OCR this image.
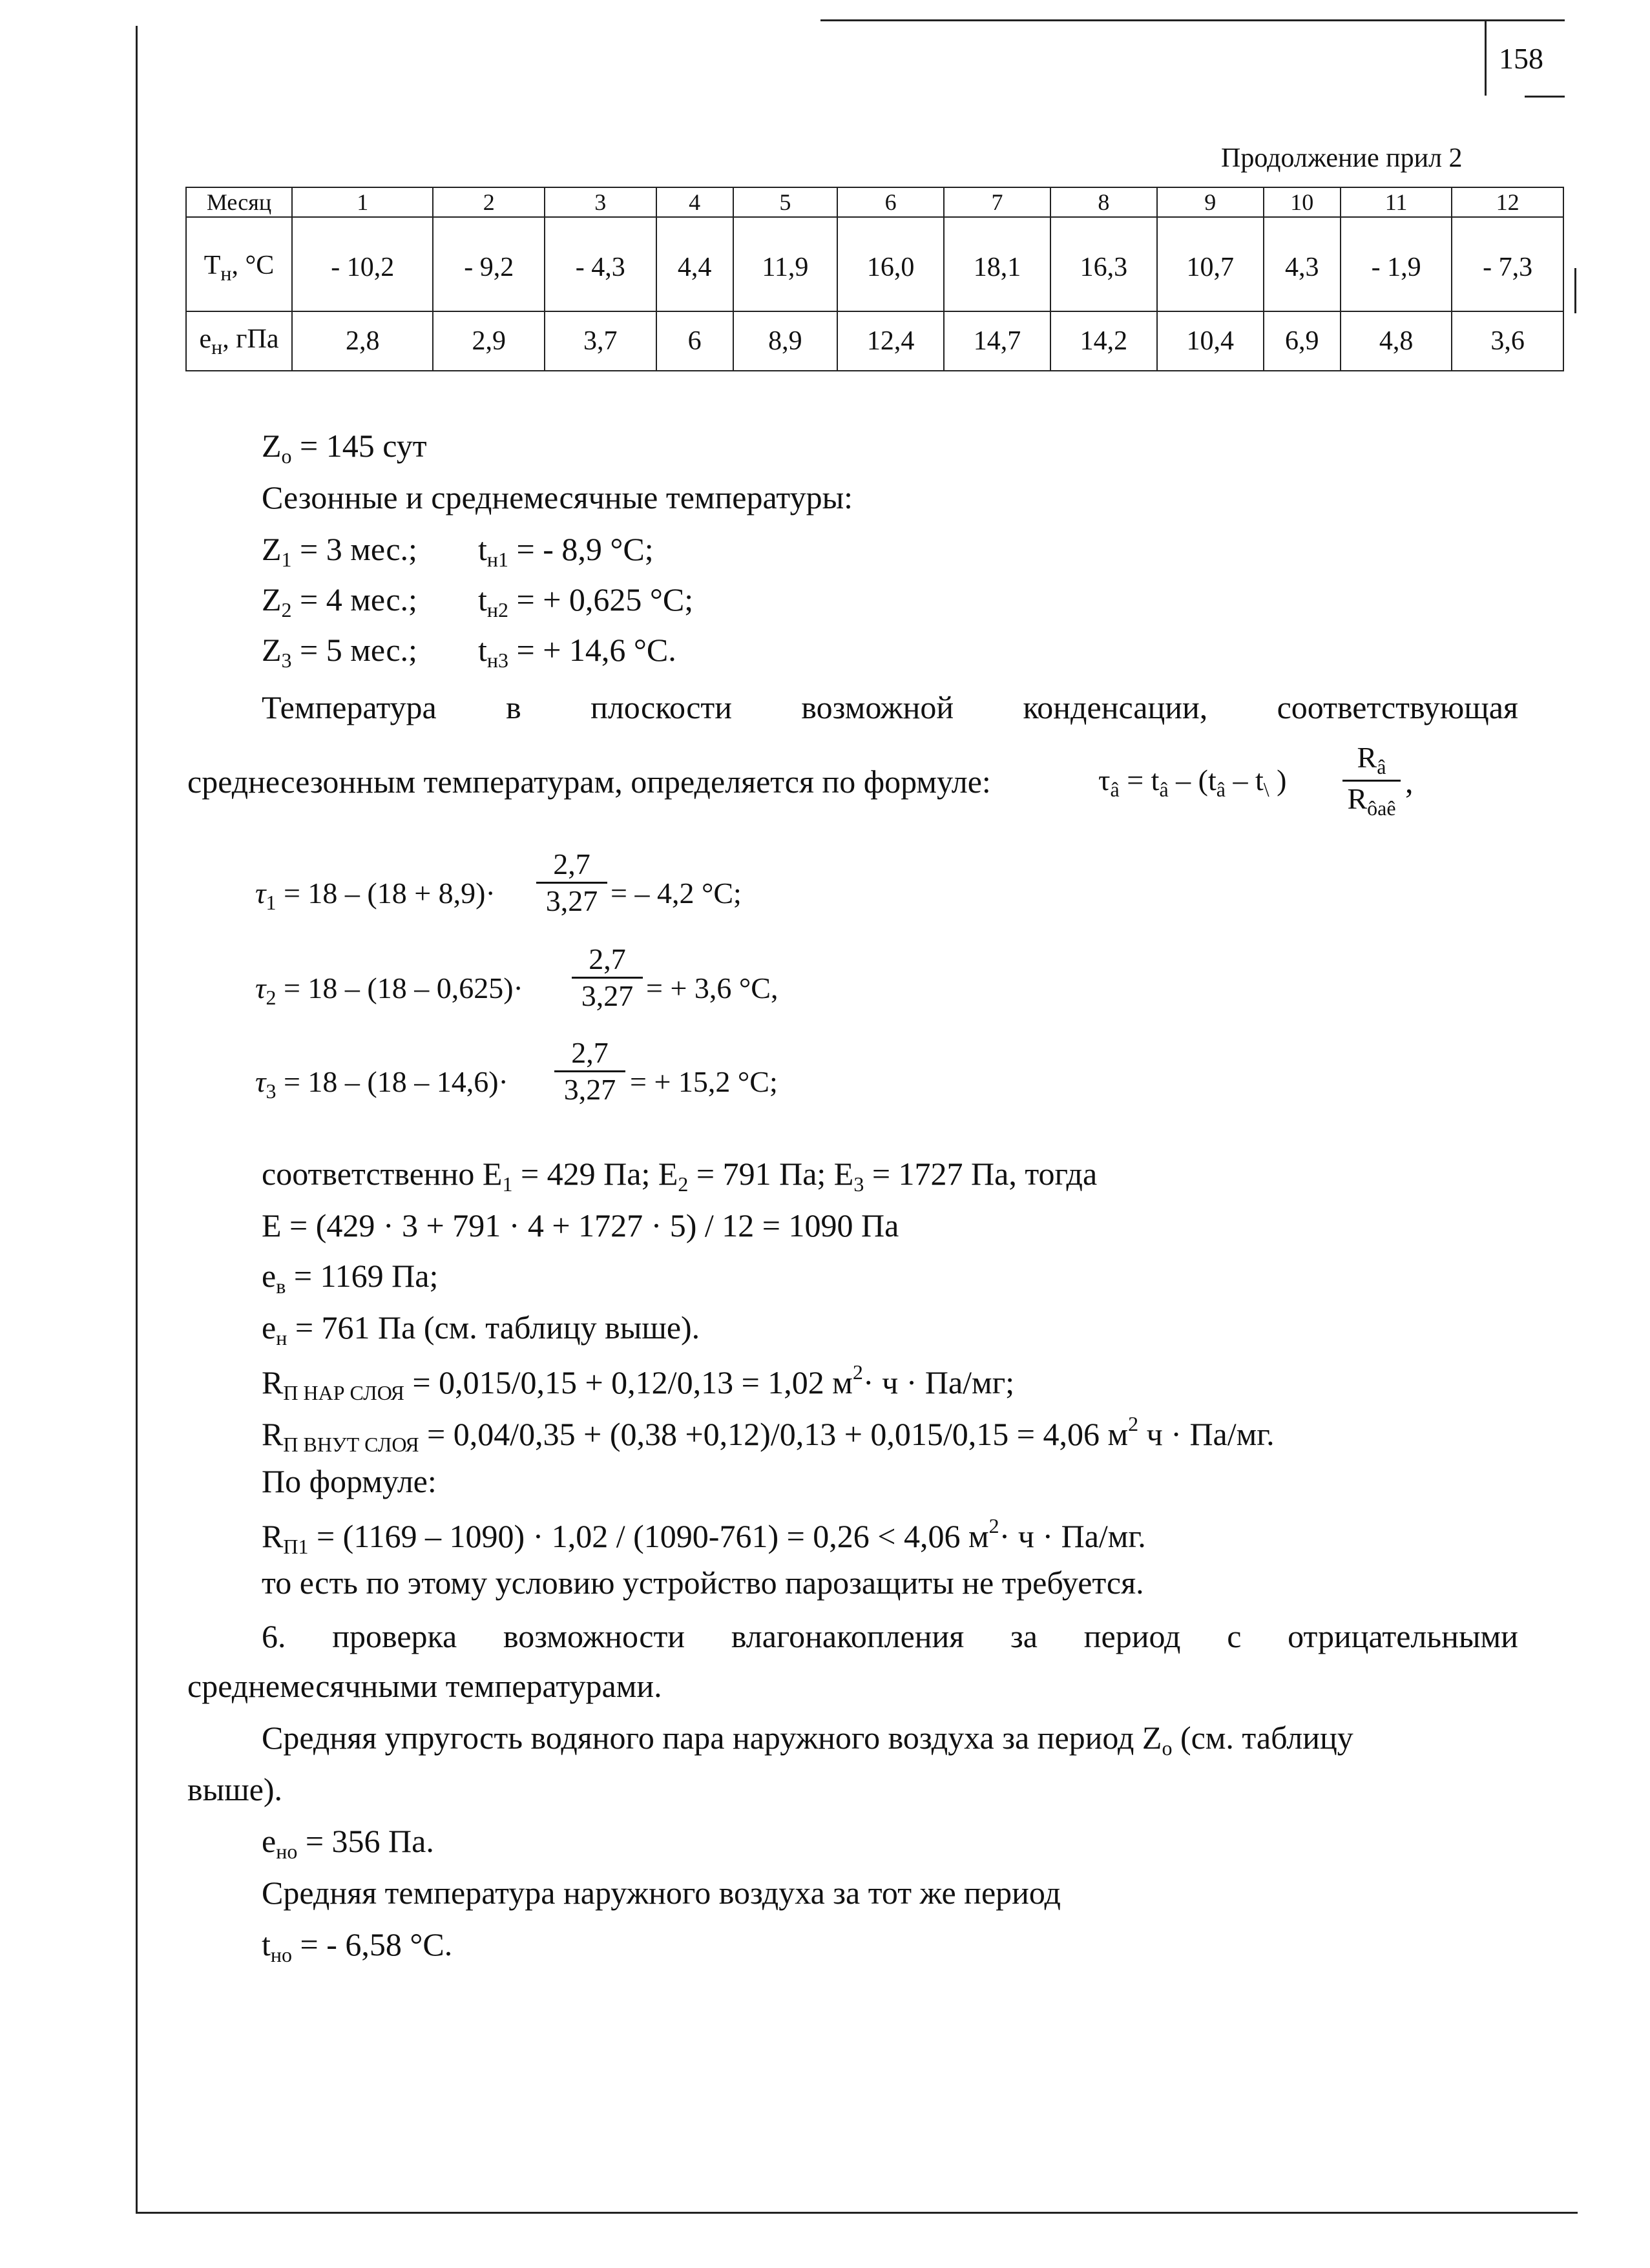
158
Продолжение прил 2
Месяц	1	2	3	4	5	6	7	8	9	10	11	12
$Т_н$, °С	- 10,2	- 9,2	- 4,3	4,4	11,9	16,0	18,1	16,3	10,7	4,3	- 1,9	- 7,3
$е_н$, гПа	2,8	2,9	3,7	6	8,9	12,4	14,7	14,2	10,4	6,9	4,8	3,6
$Z_о = 145$ сут
Сезонные и среднемесячные температуры:
$Z_1 = 3$ мес.; $t_{н1}$ = - 8,9 °С;
$Z_2 = 4$ мес.; $t_{н2}$ = + 0,625 °С;
$Z_3 = 5$ мес.; $t_{н3}$ = + 14,6 °С.
Температура в плоскости возможной конденсации, соответствующая
среднесезонным температурам, определяется по формуле:	$\tau_â = t_â - (t_â - t_\backslash$ )
$R_â$
$R_{ôaê}$
,
$\tau_1 = 18 - (18 + 8,9)\cdot$
2,7
3,27 = – 4,2 °C;
$\tau_2 = 18 - (18 - 0,625)\cdot$
2,7
3,27 = + 3,6 °C,
$\tau_3 = 18 - (18 - 14,6)\cdot$
2,7
3,27 = + 15,2 °C;
соответственно $E_1 = 429$ Па; $E_2 = 791$ Па; $E_3 = 1727$ Па, тогда
E = (429 · 3 + 791 · 4 + 1727 · 5) / 12 = 1090 Па
$e_в = 1169$ Па;
$e_н = 761$ Па (см. таблицу выше).
$R_{П НАР СЛОЯ} = 0,015/0,15 + 0,12/0,13 = 1,02$ $м^2\cdot ч \cdot Па/мг$;
$R_{П ВНУТ СЛОЯ} = 0,04/0,35 + (0,38 +0,12)/0,13 + 0,015/0,15 = 4,06$ $м^2$ ч · Па/мг.
По формуле:
$R_{П1} = (1169 - 1090) \cdot 1,02 / (1090-761) = 0,26 < 4,06$ $м^2\cdot ч \cdot Па/мг$.
то есть по этому условию устройство парозащиты не требуется.
6. проверка возможности влагонакопления за период с отрицательными
среднемесячными температурами.
Средняя упругость водяного пара наружного воздуха за период $Z_о$ (см. таблицу
выше).
$e_{но} = 356$ Па.
Средняя температура наружного воздуха за тот же период
$t_{но}$ = - 6,58 °С.
